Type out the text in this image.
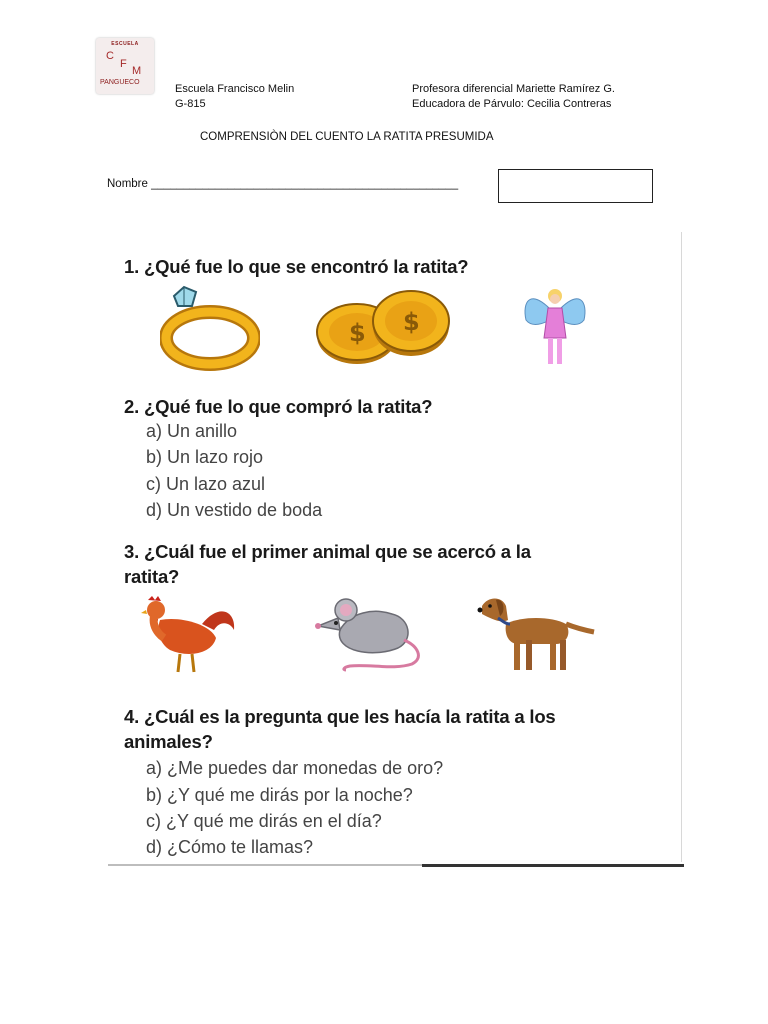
ESCUELA
C
F
M
PANGUECO
Escuela Francisco Melin
G-815
Profesora diferencial Mariette Ramírez G.
Educadora de Párvulo: Cecilia Contreras
COMPRENSIÒN DEL CUENTO LA RATITA PRESUMIDA
Nombre ________________________________________________
1. ¿Qué fue lo que se encontró la ratita?
$ $
2. ¿Qué fue lo que compró la ratita?
a) Un anillo
b) Un lazo rojo
c) Un lazo azul
d) Un vestido de boda
3. ¿Cuál fue el primer animal que se acercó a la
ratita?
4. ¿Cuál es la pregunta que les hacía la ratita a los
animales?
a) ¿Me puedes dar monedas de oro?
b) ¿Y qué me dirás por la noche?
c) ¿Y qué me dirás en el día?
d) ¿Cómo te llamas?
